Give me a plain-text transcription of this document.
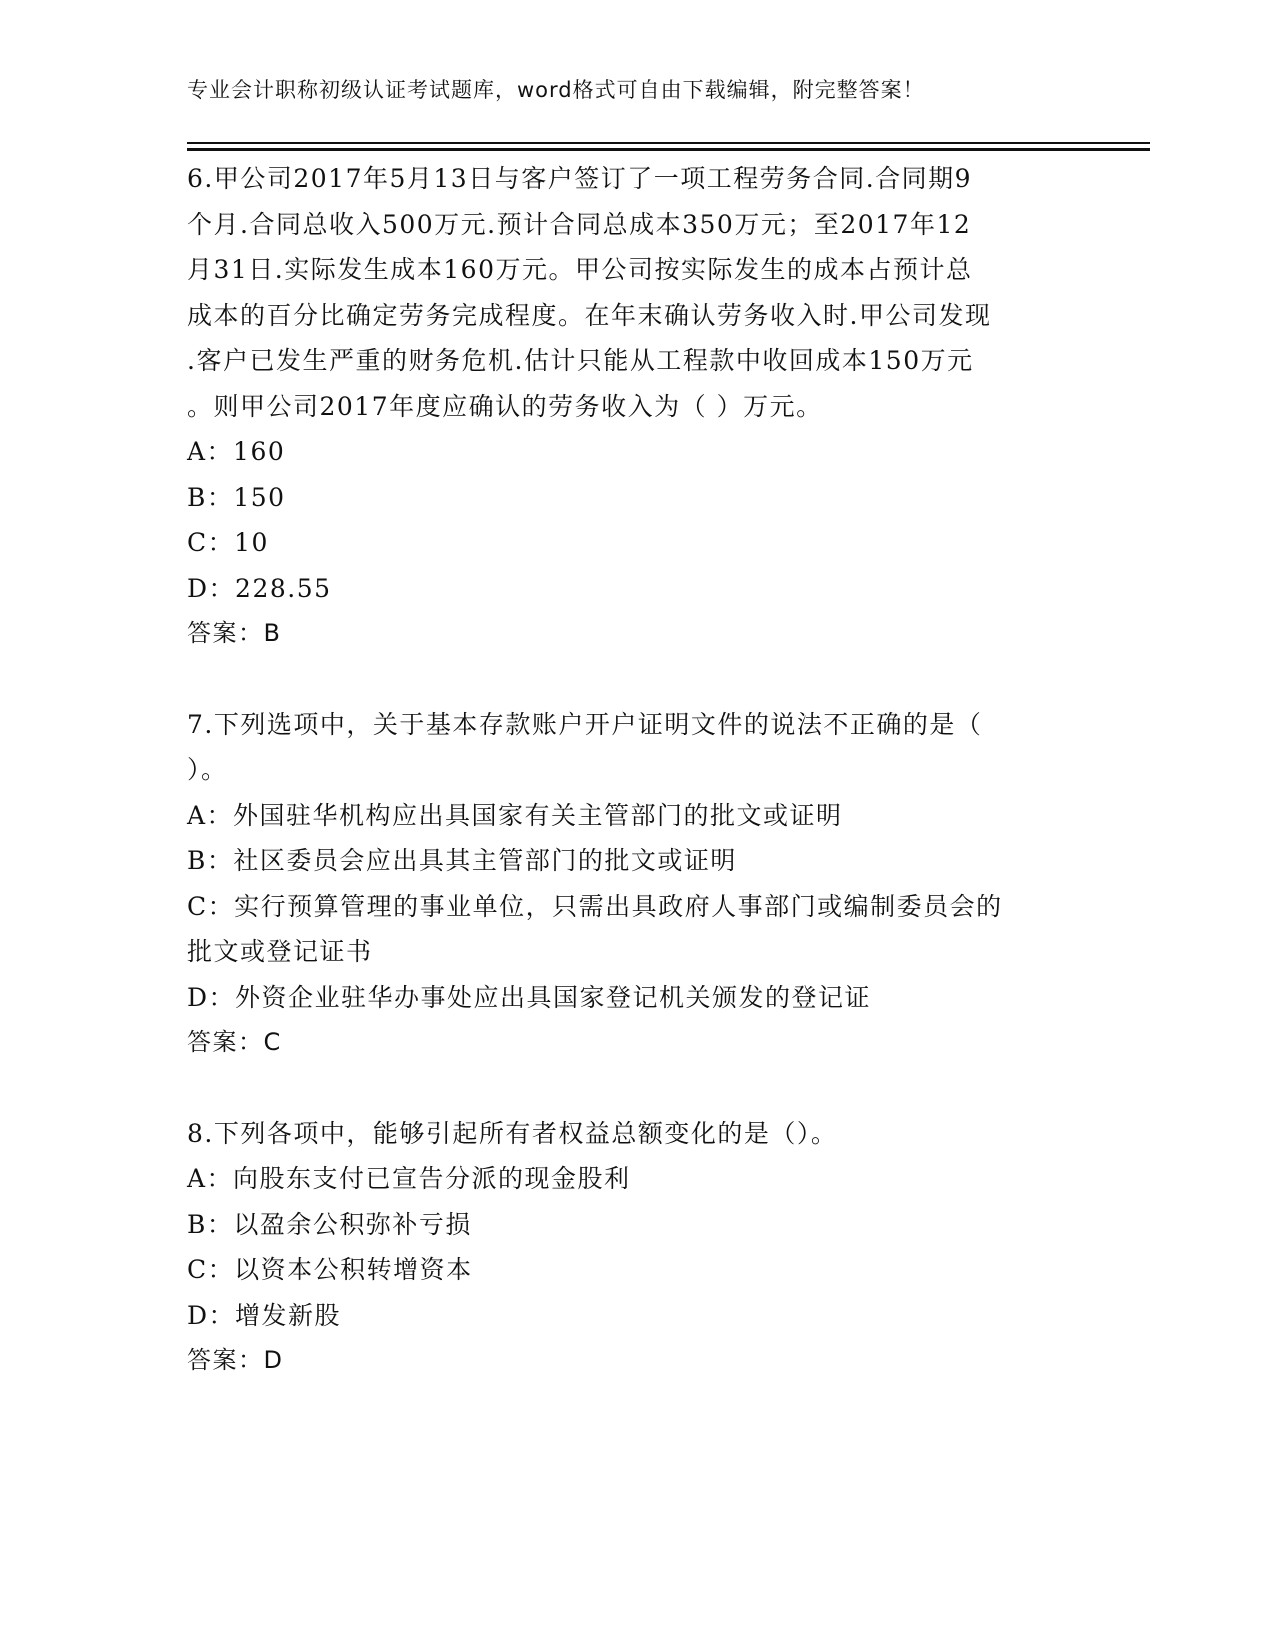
专业会计职称初级认证考试题库，word格式可自由下载编辑，附完整答案！
6.甲公司2017年5月13日与客户签订了一项工程劳务合同.合同期9
个月.合同总收入500万元.预计合同总成本350万元；至2017年12
月31日.实际发生成本160万元。甲公司按实际发生的成本占预计总
成本的百分比确定劳务完成程度。在年末确认劳务收入时.甲公司发现
.客户已发生严重的财务危机.估计只能从工程款中收回成本150万元
。则甲公司2017年度应确认的劳务收入为（ ）万元。
A：160
B：150
C：10
D：228.55
答案：B
7.下列选项中，关于基本存款账户开户证明文件的说法不正确的是（
）。
A：外国驻华机构应出具国家有关主管部门的批文或证明
B：社区委员会应出具其主管部门的批文或证明
C：实行预算管理的事业单位，只需出具政府人事部门或编制委员会的
批文或登记证书
D：外资企业驻华办事处应出具国家登记机关颁发的登记证
答案：C
8.下列各项中，能够引起所有者权益总额变化的是（）。
A：向股东支付已宣告分派的现金股利
B：以盈余公积弥补亏损
C：以资本公积转增资本
D：增发新股
答案：D
